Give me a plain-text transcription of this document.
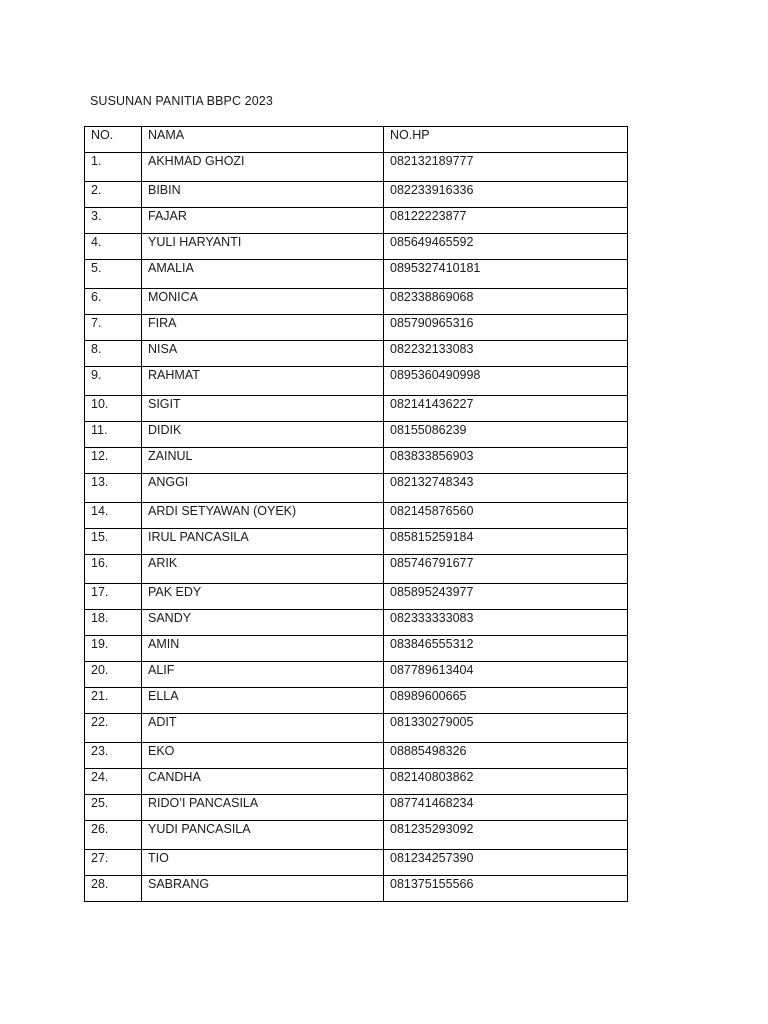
SUSUNAN PANITIA BBPC 2023
NO.	NAMA	NO.HP
1.	AKHMAD GHOZI	082132189777
2.	BIBIN	082233916336
3.	FAJAR	08122223877
4.	YULI HARYANTI	085649465592
5.	AMALIA	0895327410181
6.	MONICA	082338869068
7.	FIRA	085790965316
8.	NISA	082232133083
9.	RAHMAT	0895360490998
10.	SIGIT	082141436227
11.	DIDIK	08155086239
12.	ZAINUL	083833856903
13.	ANGGI	082132748343
14.	ARDI SETYAWAN (OYEK)	082145876560
15.	IRUL PANCASILA	085815259184
16.	ARIK	085746791677
17.	PAK EDY	085895243977
18.	SANDY	082333333083
19.	AMIN	083846555312
20.	ALIF	087789613404
21.	ELLA	08989600665
22.	ADIT	081330279005
23.	EKO	08885498326
24.	CANDHA	082140803862
25.	RIDO’I PANCASILA	087741468234
26.	YUDI PANCASILA	081235293092
27.	TIO	081234257390
28.	SABRANG	081375155566
